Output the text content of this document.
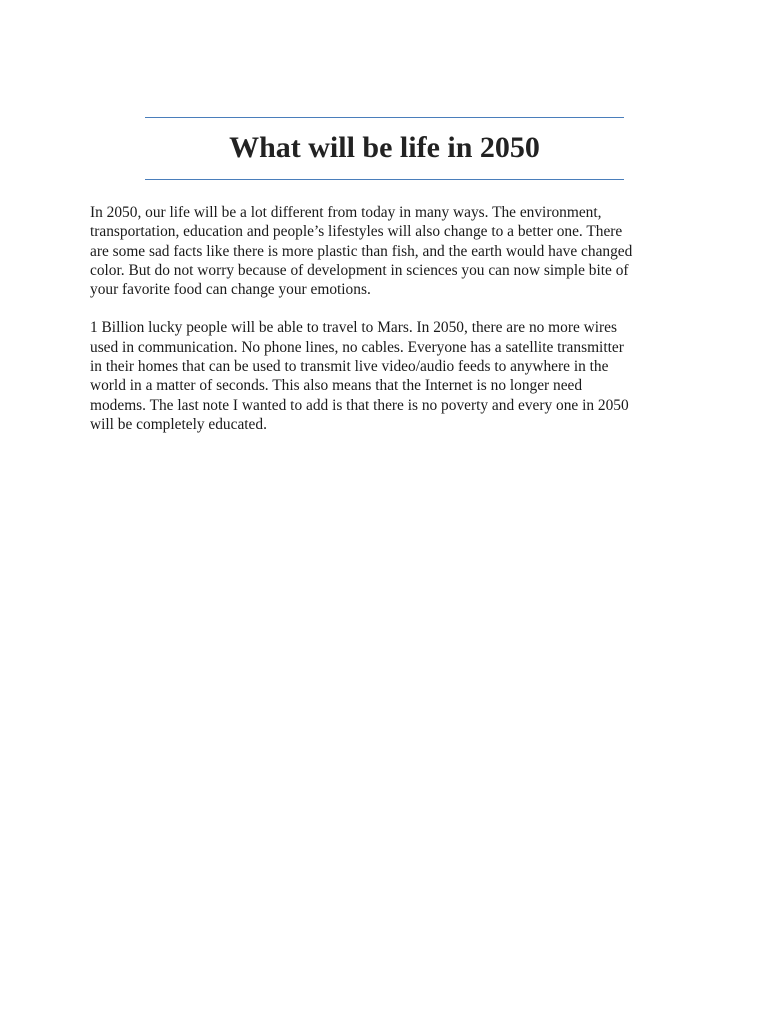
What will be life in 2050

In 2050, our life will be a lot different from today in many ways. The environment, transportation, education and people’s lifestyles will also change to a better one. There are some sad facts like there is more plastic than fish, and the earth would have changed color. But do not worry because of development in sciences you can now simple bite of your favorite food can change your emotions.

1 Billion lucky people will be able to travel to Mars. In 2050, there are no more wires used in communication. No phone lines, no cables. Everyone has a satellite transmitter in their homes that can be used to transmit live video/audio feeds to anywhere in the world in a matter of seconds. This also means that the Internet is no longer need modems. The last note I wanted to add is that there is no poverty and every one in 2050 will be completely educated.
